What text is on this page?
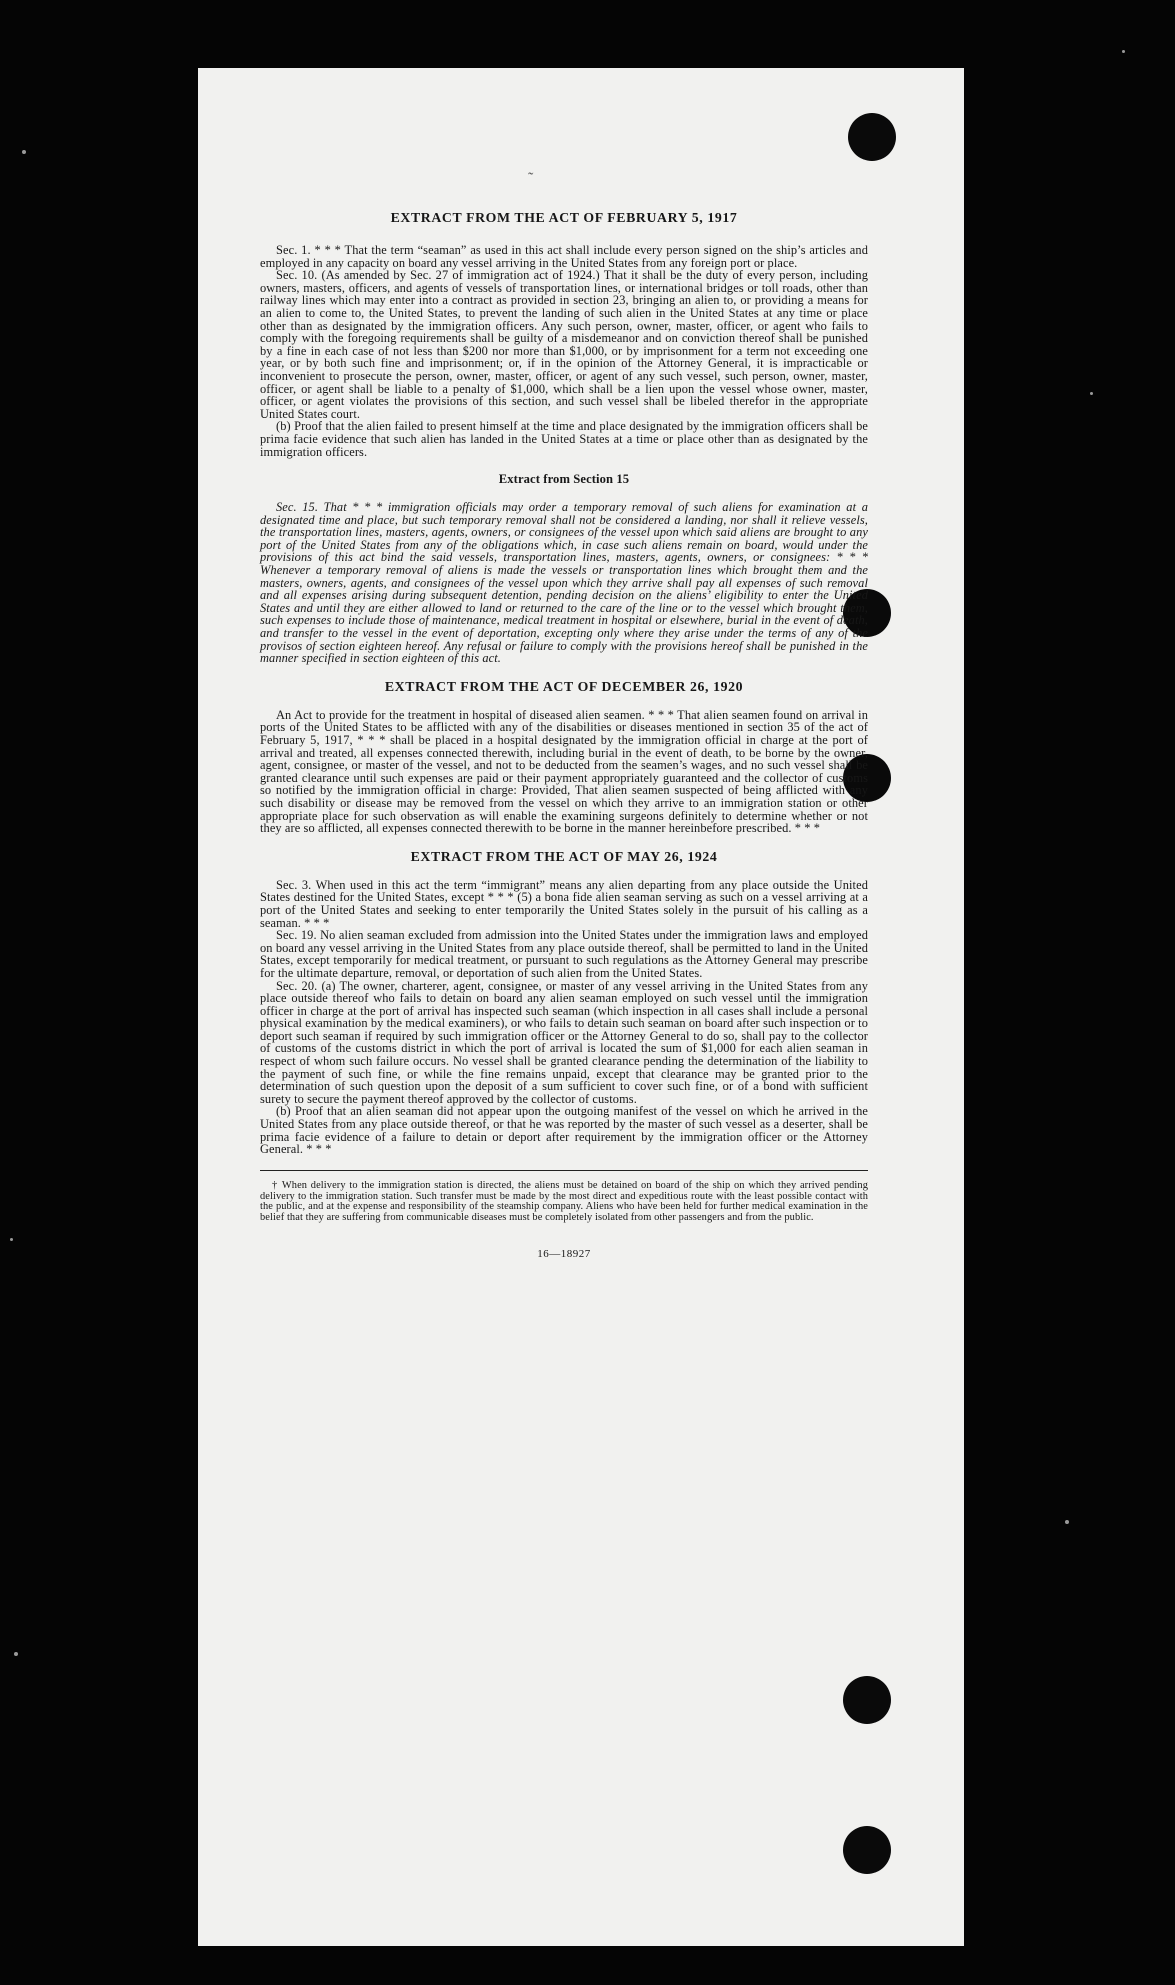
˜
EXTRACT FROM THE ACT OF FEBRUARY 5, 1917

Sec. 1. * * * That the term “seaman” as used in this act shall include every person signed on the ship’s articles and employed in any capacity on board any vessel arriving in the United States from any foreign port or place.

Sec. 10. (As amended by Sec. 27 of immigration act of 1924.) That it shall be the duty of every person, including owners, masters, officers, and agents of vessels of transportation lines, or international bridges or toll roads, other than railway lines which may enter into a contract as provided in section 23, bringing an alien to, or providing a means for an alien to come to, the United States, to prevent the landing of such alien in the United States at any time or place other than as designated by the immigration officers. Any such person, owner, master, officer, or agent who fails to comply with the foregoing requirements shall be guilty of a misdemeanor and on conviction thereof shall be punished by a fine in each case of not less than $200 nor more than $1,000, or by imprisonment for a term not exceeding one year, or by both such fine and imprisonment; or, if in the opinion of the Attorney General, it is impracticable or inconvenient to prosecute the person, owner, master, officer, or agent of any such vessel, such person, owner, master, officer, or agent shall be liable to a penalty of $1,000, which shall be a lien upon the vessel whose owner, master, officer, or agent violates the provisions of this section, and such vessel shall be libeled therefor in the appropriate United States court.

(b) Proof that the alien failed to present himself at the time and place designated by the immigration officers shall be prima facie evidence that such alien has landed in the United States at a time or place other than as designated by the immigration officers.

Extract from Section 15

Sec. 15. That * * * immigration officials may order a temporary removal of such aliens for examination at a designated time and place, but such temporary removal shall not be considered a landing, nor shall it relieve vessels, the transportation lines, masters, agents, owners, or consignees of the vessel upon which said aliens are brought to any port of the United States from any of the obligations which, in case such aliens remain on board, would under the provisions of this act bind the said vessels, transportation lines, masters, agents, owners, or consignees: * * * Whenever a temporary removal of aliens is made the vessels or transportation lines which brought them and the masters, owners, agents, and consignees of the vessel upon which they arrive shall pay all expenses of such removal and all expenses arising during subsequent detention, pending decision on the aliens’ eligibility to enter the United States and until they are either allowed to land or returned to the care of the line or to the vessel which brought them, such expenses to include those of maintenance, medical treatment in hospital or elsewhere, burial in the event of death, and transfer to the vessel in the event of deportation, excepting only where they arise under the terms of any of the provisos of section eighteen hereof. Any refusal or failure to comply with the provisions hereof shall be punished in the manner specified in section eighteen of this act.

EXTRACT FROM THE ACT OF DECEMBER 26, 1920

An Act to provide for the treatment in hospital of diseased alien seamen. * * * That alien seamen found on arrival in ports of the United States to be afflicted with any of the disabilities or diseases mentioned in section 35 of the act of February 5, 1917, * * * shall be placed in a hospital designated by the immigration official in charge at the port of arrival and treated, all expenses connected therewith, including burial in the event of death, to be borne by the owner, agent, consignee, or master of the vessel, and not to be deducted from the seamen’s wages, and no such vessel shall be granted clearance until such expenses are paid or their payment appropriately guaranteed and the collector of customs so notified by the immigration official in charge: Provided, That alien seamen suspected of being afflicted with any such disability or disease may be removed from the vessel on which they arrive to an immigration station or other appropriate place for such observation as will enable the examining surgeons definitely to determine whether or not they are so afflicted, all expenses connected therewith to be borne in the manner hereinbefore prescribed. * * *

EXTRACT FROM THE ACT OF MAY 26, 1924

Sec. 3. When used in this act the term “immigrant” means any alien departing from any place outside the United States destined for the United States, except * * * (5) a bona fide alien seaman serving as such on a vessel arriving at a port of the United States and seeking to enter temporarily the United States solely in the pursuit of his calling as a seaman. * * *

Sec. 19. No alien seaman excluded from admission into the United States under the immigration laws and employed on board any vessel arriving in the United States from any place outside thereof, shall be permitted to land in the United States, except temporarily for medical treatment, or pursuant to such regulations as the Attorney General may prescribe for the ultimate departure, removal, or deportation of such alien from the United States.

Sec. 20. (a) The owner, charterer, agent, consignee, or master of any vessel arriving in the United States from any place outside thereof who fails to detain on board any alien seaman employed on such vessel until the immigration officer in charge at the port of arrival has inspected such seaman (which inspection in all cases shall include a personal physical examination by the medical examiners), or who fails to detain such seaman on board after such inspection or to deport such seaman if required by such immigration officer or the Attorney General to do so, shall pay to the collector of customs of the customs district in which the port of arrival is located the sum of $1,000 for each alien seaman in respect of whom such failure occurs. No vessel shall be granted clearance pending the determination of the liability to the payment of such fine, or while the fine remains unpaid, except that clearance may be granted prior to the determination of such question upon the deposit of a sum sufficient to cover such fine, or of a bond with sufficient surety to secure the payment thereof approved by the collector of customs.

(b) Proof that an alien seaman did not appear upon the outgoing manifest of the vessel on which he arrived in the United States from any place outside thereof, or that he was reported by the master of such vessel as a deserter, shall be prima facie evidence of a failure to detain or deport after requirement by the immigration officer or the Attorney General. * * *

† When delivery to the immigration station is directed, the aliens must be detained on board of the ship on which they arrived pending delivery to the immigration station. Such transfer must be made by the most direct and expeditious route with the least possible contact with the public, and at the expense and responsibility of the steamship company. Aliens who have been held for further medical examination in the belief that they are suffering from communicable diseases must be completely isolated from other passengers and from the public.

16—18927
